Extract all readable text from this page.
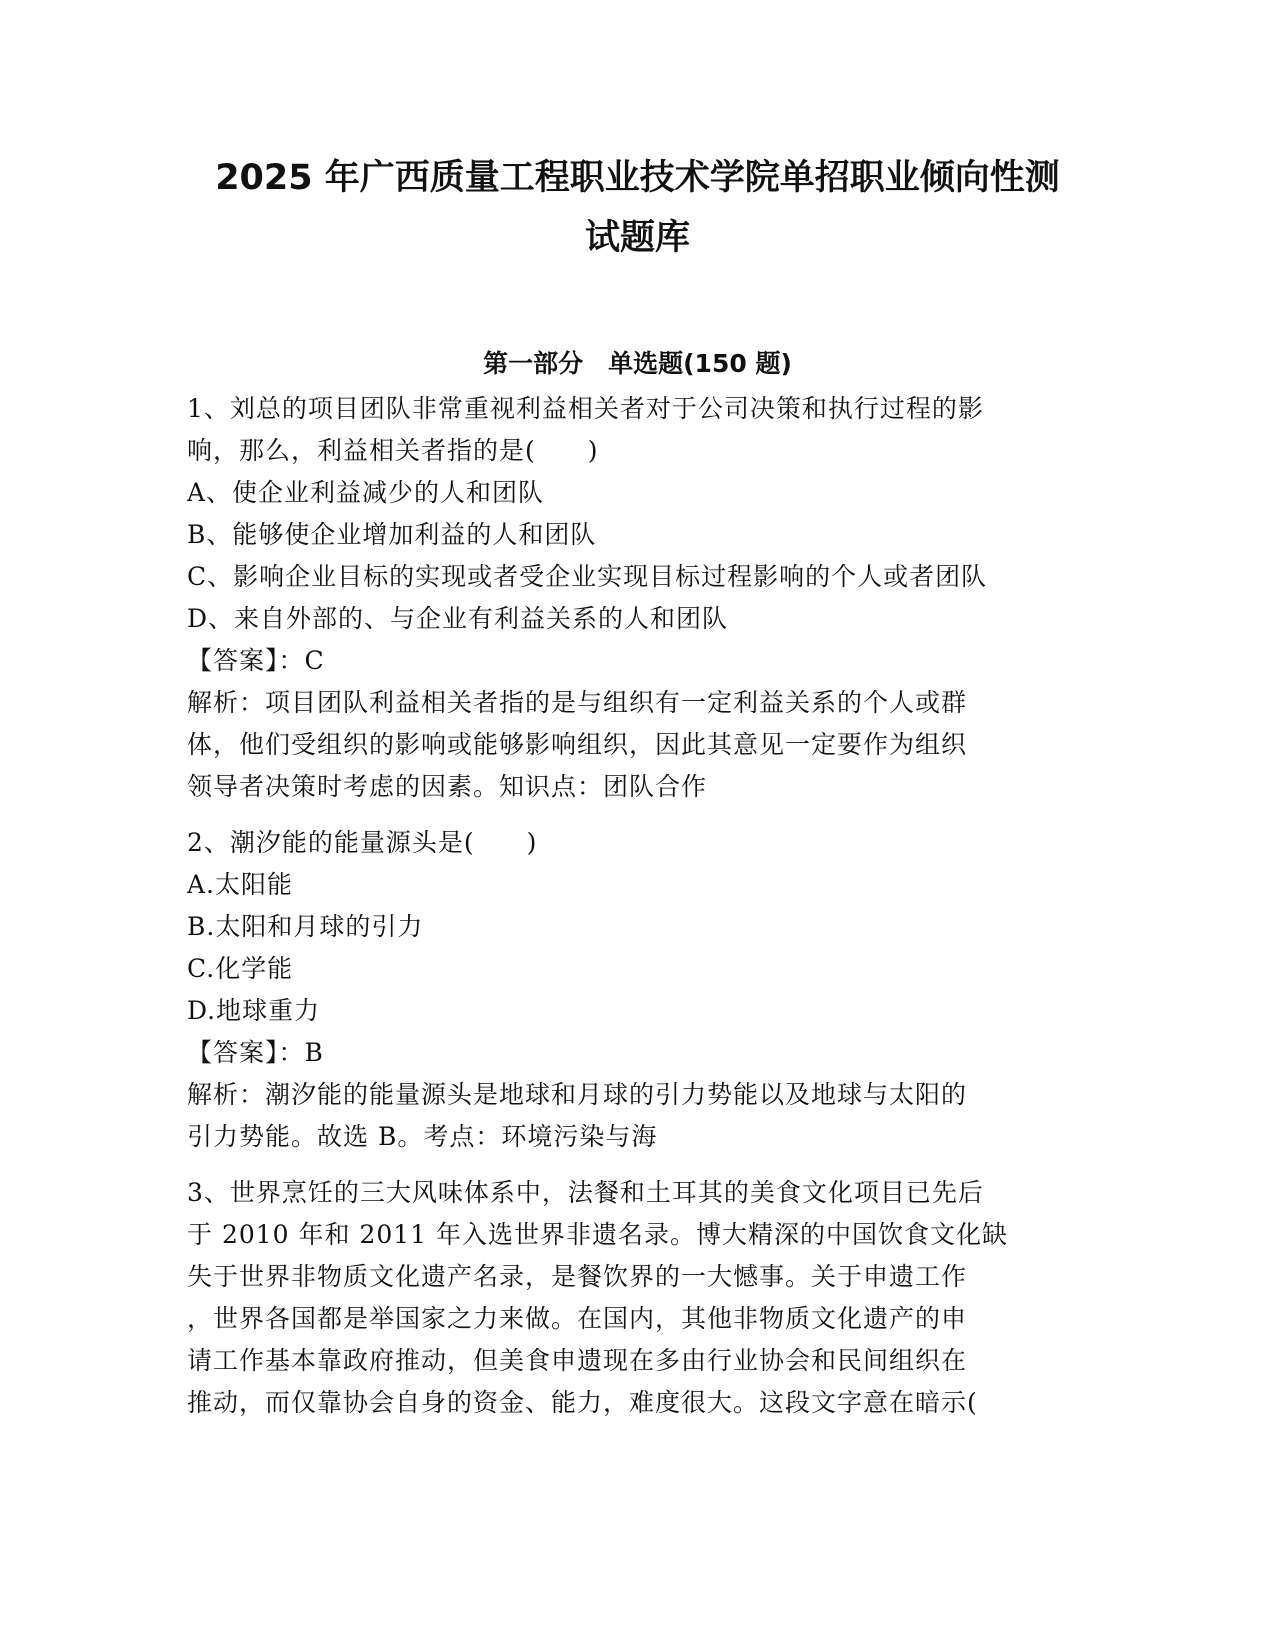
2025 年广西质量工程职业技术学院单招职业倾向性测
试题库
第一部分　单选题(150 题)
1、刘总的项目团队非常重视利益相关者对于公司决策和执行过程的影
响，那么，利益相关者指的是(　　)
A、使企业利益减少的人和团队
B、能够使企业增加利益的人和团队
C、影响企业目标的实现或者受企业实现目标过程影响的个人或者团队
D、来自外部的、与企业有利益关系的人和团队
【答案】：C
解析：项目团队利益相关者指的是与组织有一定利益关系的个人或群
体，他们受组织的影响或能够影响组织，因此其意见一定要作为组织
领导者决策时考虑的因素。知识点：团队合作
2、潮汐能的能量源头是(　　)
A.太阳能
B.太阳和月球的引力
C.化学能
D.地球重力
【答案】：B
解析：潮汐能的能量源头是地球和月球的引力势能以及地球与太阳的
引力势能。故选 B。考点：环境污染与海
3、世界烹饪的三大风味体系中，法餐和土耳其的美食文化项目已先后
于 2010 年和 2011 年入选世界非遗名录。博大精深的中国饮食文化缺
失于世界非物质文化遗产名录，是餐饮界的一大憾事。关于申遗工作
，世界各国都是举国家之力来做。在国内，其他非物质文化遗产的申
请工作基本靠政府推动，但美食申遗现在多由行业协会和民间组织在
推动，而仅靠协会自身的资金、能力，难度很大。这段文字意在暗示(
